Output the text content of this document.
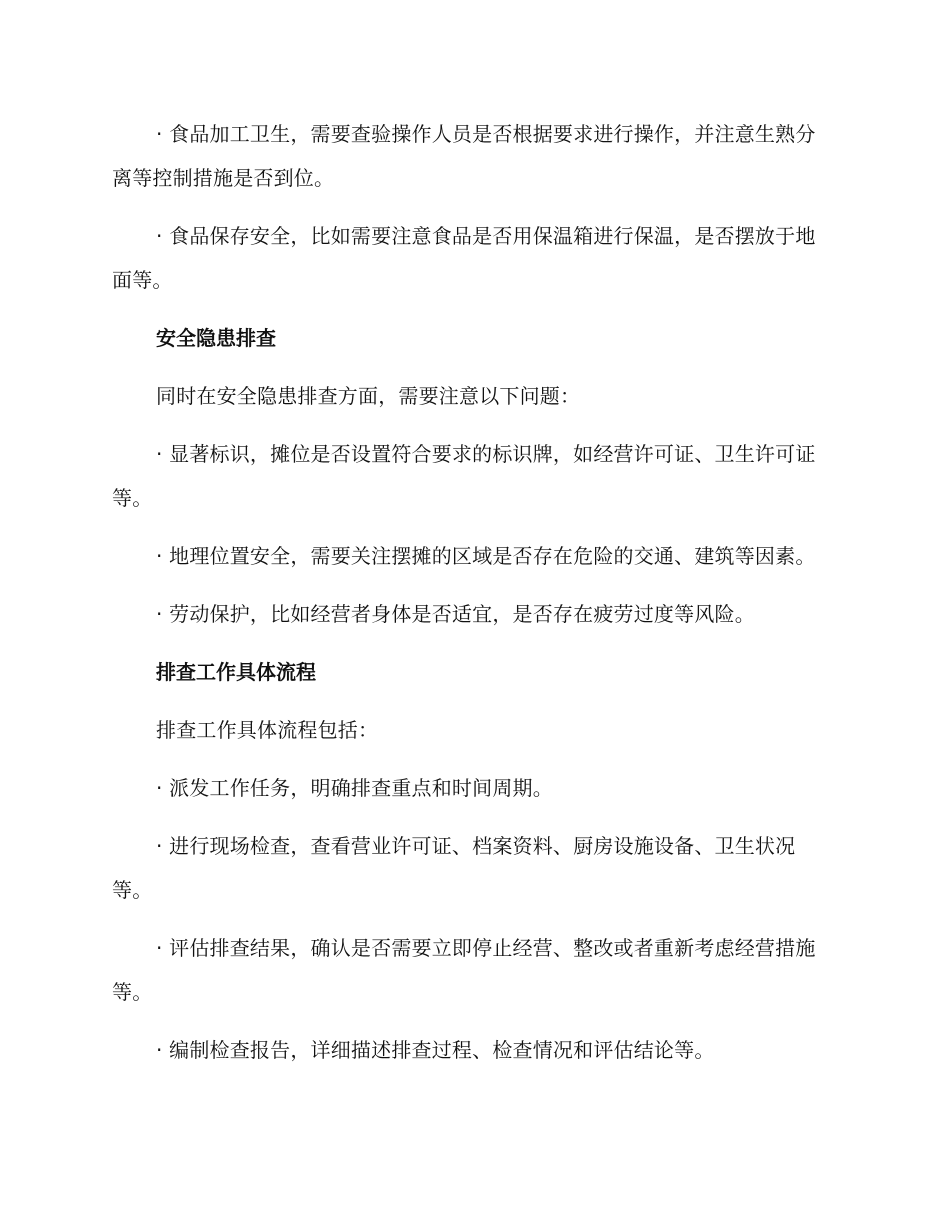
· 食品加工卫生，需要查验操作人员是否根据要求进行操作，并注意生熟分离等控制措施是否到位。

· 食品保存安全，比如需要注意食品是否用保温箱进行保温，是否摆放于地面等。

安全隐患排查

同时在安全隐患排查方面，需要注意以下问题：

· 显著标识，摊位是否设置符合要求的标识牌，如经营许可证、卫生许可证等。

· 地理位置安全，需要关注摆摊的区域是否存在危险的交通、建筑等因素。

· 劳动保护，比如经营者身体是否适宜，是否存在疲劳过度等风险。

排查工作具体流程

排查工作具体流程包括：

· 派发工作任务，明确排查重点和时间周期。

· 进行现场检查，查看营业许可证、档案资料、厨房设施设备、卫生状况等。

· 评估排查结果，确认是否需要立即停止经营、整改或者重新考虑经营措施等。

· 编制检查报告，详细描述排查过程、检查情况和评估结论等。
